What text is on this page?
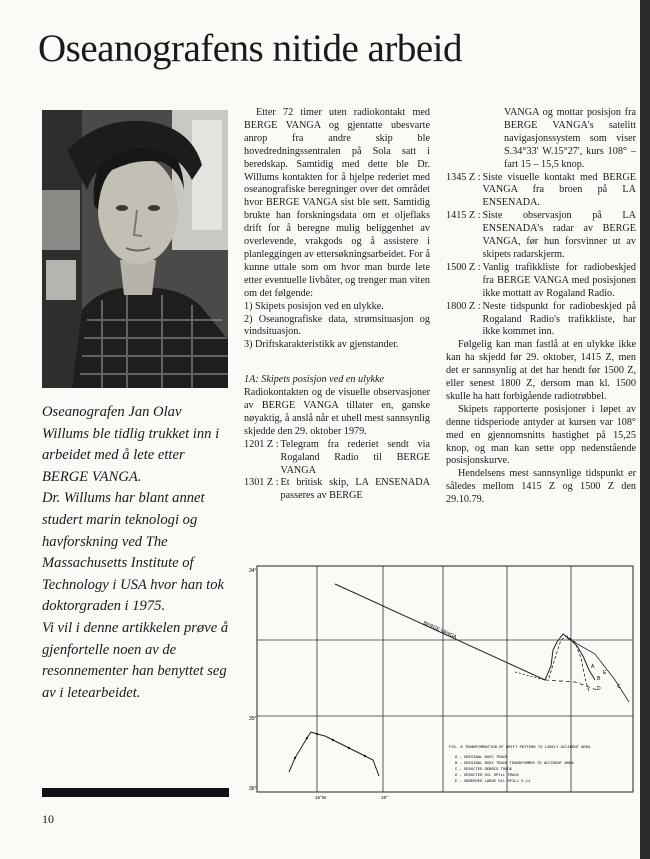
Oseanografens nitide arbeid

Oseanografen Jan Olav Willums ble tidlig trukket inn i arbeidet med å lete etter BERGE VANGA.

Dr. Willums har blant annet studert marin teknologi og havforskning ved The Massachusetts Institute of Technology i USA hvor han tok doktorgraden i 1975.

Vi vil i denne artikkelen prøve å gjenfortelle noen av de resonnementer han benyttet seg av i letearbeidet.

10

Etter 72 timer uten radiokontakt med BERGE VANGA og gjentatte ubesvarte anrop fra andre skip ble hovedredningssentralen på Sola satt i beredskap. Samtidig med dette ble Dr. Willums kontakten for å hjelpe rederiet med oseanografiske beregninger over det området hvor BERGE VANGA sist ble sett. Samtidig brukte han forskningsdata om et oljeflaks drift for å beregne mulig beliggenhet av overlevende, vrakgods og å assistere i planleggingen av ettersøkningsarbeidet. For å kunne uttale som om hvor man burde lete etter eventuelle livbåter, og trenger man viten om det følgende:

1) Skipets posisjon ved en ulykke.

2) Oseanografiske data, strømsituasjon og vindsituasjon.

3) Driftskarakteristikk av gjenstander.

1A: Skipets posisjon ved en ulykke

Radiokontakten og de visuelle observasjoner av BERGE VANGA tillater en, ganske nøyaktig, å anslå når et uhell mest sannsynlig skjedde den 29. oktober 1979.

1201 Z : Telegram fra rederiet sendt via Rogaland Radio til BERGE VANGA
1301 Z : Et britisk skip, LA ENSENADA passeres av BERGE

VANGA og mottar posisjon fra BERGE VANGA's satelitt navigasjonssystem som viser S.34°33' W.15°27', kurs 108° – fart 15 – 15,5 knop.

1345 Z : Siste visuelle kontakt med BERGE VANGA fra broen på LA ENSENADA.
1415 Z : Siste observasjon på LA ENSENADA's radar av BERGE VANGA, før hun forsvinner ut av skipets radarskjerm.
1500 Z : Vanlig trafikkliste for radiobeskjed fra BERGE VANGA med posisjonen ikke mottatt av Rogaland Radio.
1800 Z : Neste tidspunkt for radiobeskjed på Rogaland Radio's trafikkliste, har ikke kommet inn.

Følgelig kan man fastlå at en ulykke ikke kan ha skjedd før 29. oktober, 1415 Z, men det er sannsynlig at det har hendt før 1500 Z, eller senest 1800 Z, dersom man kl. 1500 skulle ha hatt forbigående radiotrøbbel.

Skipets rapporterte posisjoner i løpet av denne tidsperiode antyder at kursen var 108° med en gjennomsnitts hastighet på 15,25 knop, og man kan sette opp nedenstående posisjonskurve.

Hendelsens mest sannsynlige tidspunkt er således mellom 1415 Z og 1500 Z den 29.10.79.

34°
35°
36°
15°W	15°
BERGE VANGA
A
B
C
D
E
FIG. 8 TRANSFORMATION OF DRIFT PATTERN TO LIKELY ACCIDENT AREA
A – ORIGINAL BUOY TRACK
B – ORIGINAL BUOY TRACK TRANSFORMED TO ACCIDENT AREA
C – DEDUCTED DEBRIS TRACK
D – DEDUCTED OIL SPILL TRACK
E – OBSERVED LARGE OIL SPILL 5.11
